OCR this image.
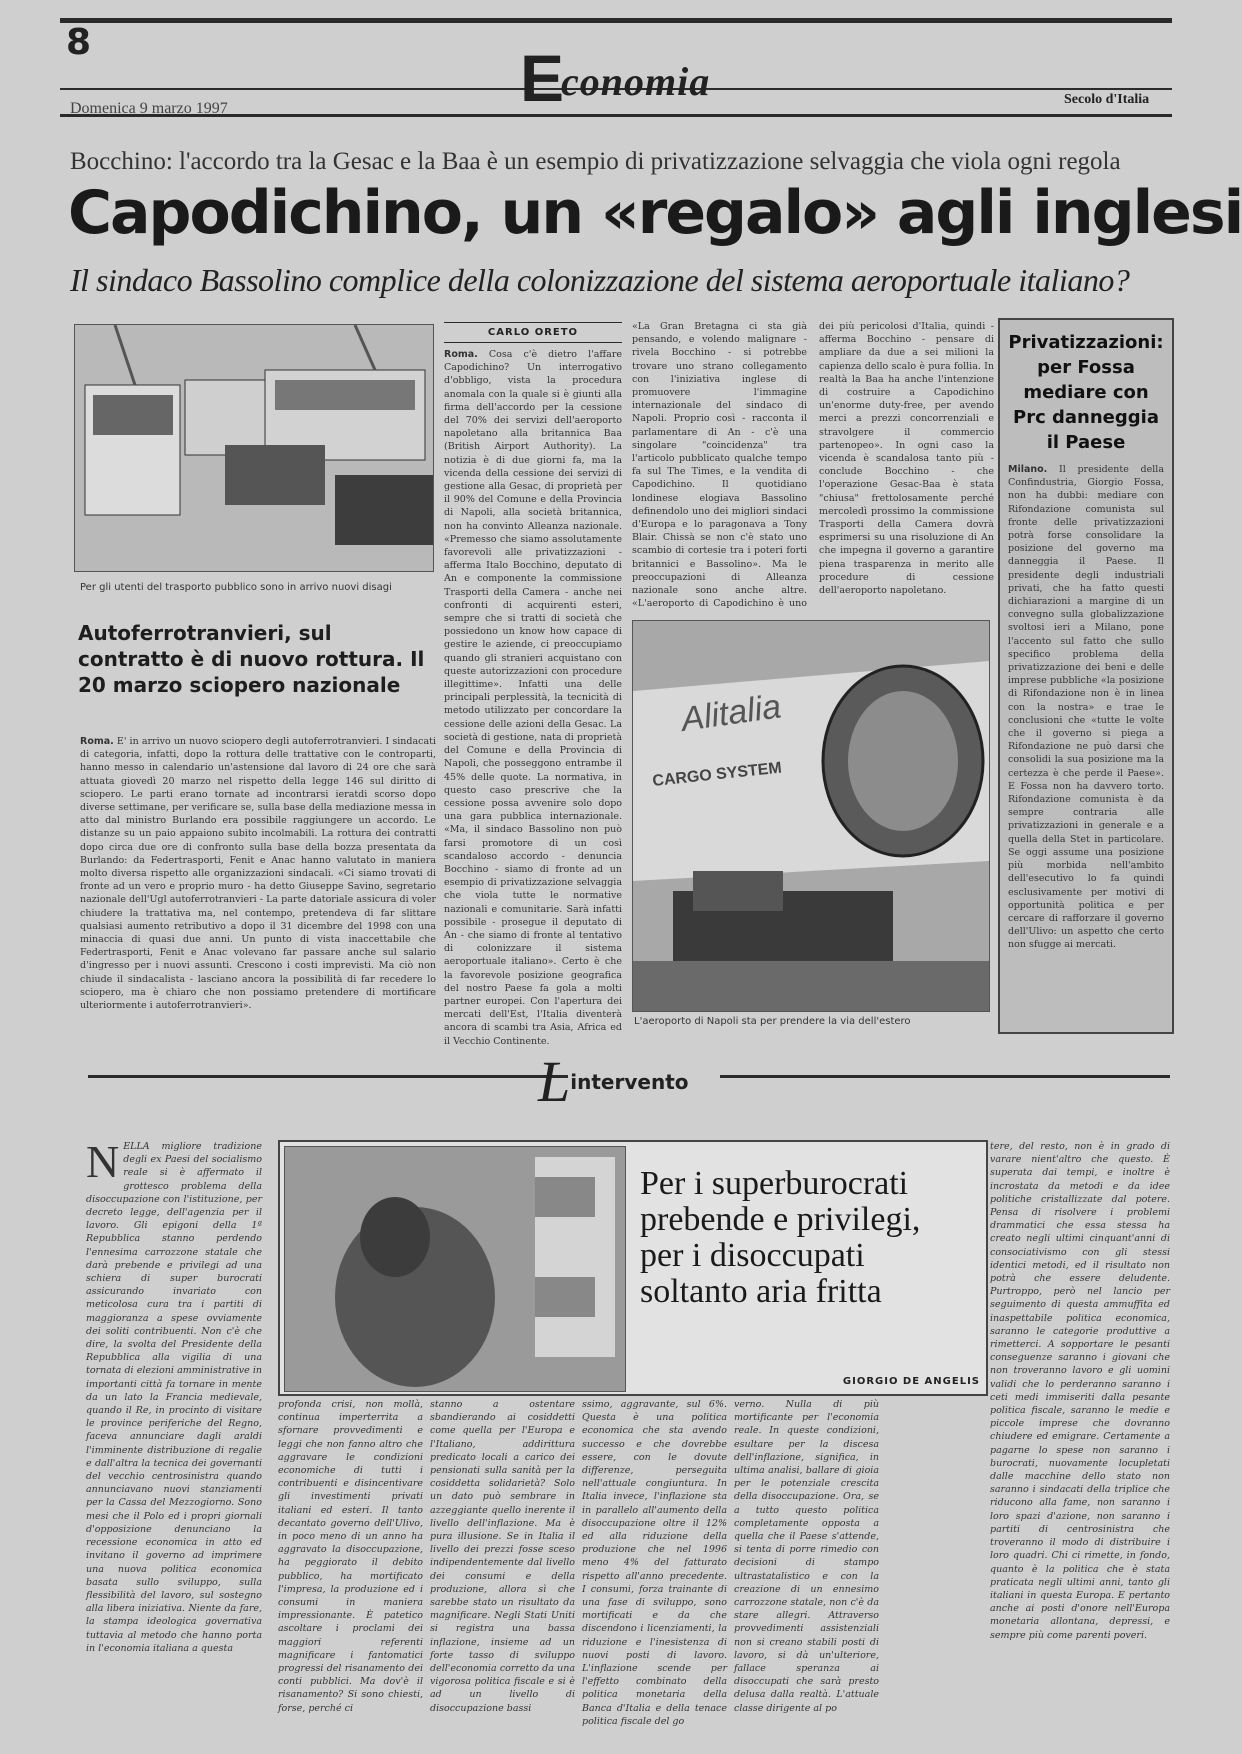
8	Economia
Domenica 9 marzo 1997
Secolo d'Italia
Bocchino: l'accordo tra la Gesac e la Baa è un esempio di privatizzazione selvaggia che viola ogni regola
Capodichino, un «regalo» agli inglesi
Il sindaco Bassolino complice della colonizzazione del sistema aeroportuale italiano?
Per gli utenti del trasporto pubblico sono in arrivo nuovi disagi
Autoferrotranvieri, sul contratto è di nuovo rottura. Il 20 marzo sciopero nazionale
Roma. E' in arrivo un nuovo sciopero degli autoferrotranvieri. I sindacati di categoria, infatti, dopo la rottura delle trattative con le controparti, hanno messo in calendario un'astensione dal lavoro di 24 ore che sarà attuata giovedì 20 marzo nel rispetto della legge 146 sul diritto di sciopero. Le parti erano tornate ad incontrarsi ieratdi scorso dopo diverse settimane, per verificare se, sulla base della mediazione messa in atto dal ministro Burlando era possibile raggiungere un accordo. Le distanze su un paio appaiono subito incolmabili. La rottura dei contratti dopo circa due ore di confronto sulla base della bozza presentata da Burlando: da Federtrasporti, Fenit e Anac hanno valutato in maniera molto diversa rispetto alle organizzazioni sindacali. «Ci siamo trovati di fronte ad un vero e proprio muro - ha detto Giuseppe Savino, segretario nazionale dell'Ugl autoferrotranvieri - La parte datoriale assicura di voler chiudere la trattativa ma, nel contempo, pretendeva di far slittare qualsiasi aumento retributivo a dopo il 31 dicembre del 1998 con una minaccia di quasi due anni. Un punto di vista inaccettabile che Federtrasporti, Fenit e Anac volevano far passare anche sul salario d'ingresso per i nuovi assunti. Crescono i costi imprevisti. Ma ciò non chiude il sindacalista - lasciano ancora la possibilità di far recedere lo sciopero, ma è chiaro che non possiamo pretendere di mortificare ulteriormente i autoferrotranvieri».
CARLO ORETO
Roma. Cosa c'è dietro l'affare Capodichino? Un interrogativo d'obbligo, vista la procedura anomala con la quale si è giunti alla firma dell'accordo per la cessione del 70% dei servizi dell'aeroporto napoletano alla britannica Baa (British Airport Authority). La notizia è di due giorni fa, ma la vicenda della cessione dei servizi di gestione alla Gesac, di proprietà per il 90% del Comune e della Provincia di Napoli, alla società britannica, non ha convinto Alleanza nazionale. «Premesso che siamo assolutamente favorevoli alle privatizzazioni - afferma Italo Bocchino, deputato di An e componente la commissione Trasporti della Camera - anche nei confronti di acquirenti esteri, sempre che si tratti di società che possiedono un know how capace di gestire le aziende, ci preoccupiamo quando gli stranieri acquistano con queste autorizzazioni con procedure illegittime». Infatti una delle principali perplessità, la tecnicità di metodo utilizzato per concordare la cessione delle azioni della Gesac. La società di gestione, nata di proprietà del Comune e della Provincia di Napoli, che posseggono entrambe il 45% delle quote. La normativa, in questo caso prescrive che la cessione possa avvenire solo dopo una gara pubblica internazionale. «Ma, il sindaco Bassolino non può farsi promotore di un così scandaloso accordo - denuncia Bocchino - siamo di fronte ad un esempio di privatizzazione selvaggia che viola tutte le normative nazionali e comunitarie. Sarà infatti possibile - prosegue il deputato di An - che siamo di fronte al tentativo di colonizzare il sistema aeroportuale italiano». Certo è che la favorevole posizione geografica del nostro Paese fa gola a molti partner europei. Con l'apertura dei mercati dell'Est, l'Italia diventerà ancora di scambi tra Asia, Africa ed il Vecchio Continente.
«La Gran Bretagna ci sta già pensando, e volendo malignare - rivela Bocchino - si potrebbe trovare uno strano collegamento con l'iniziativa inglese di promuovere l'immagine internazionale del sindaco di Napoli. Proprio così - racconta il parlamentare di An - c'è una singolare "coincidenza" tra l'articolo pubblicato qualche tempo fa sul The Times, e la vendita di Capodichino. Il quotidiano londinese elogiava Bassolino definendolo uno dei migliori sindaci d'Europa e lo paragonava a Tony Blair. Chissà se non c'è stato uno scambio di cortesie tra i poteri forti britannici e Bassolino». Ma le preoccupazioni di Alleanza nazionale sono anche altre. «L'aeroporto di Capodichino è uno dei più pericolosi d'Italia, quindi - afferma Bocchino - pensare di ampliare da due a sei milioni la capienza dello scalo è pura follia. In realtà la Baa ha anche l'intenzione di costruire a Capodichino un'enorme duty-free, per avendo merci a prezzi concorrenziali e stravolgere il commercio partenopeo». In ogni caso la vicenda è scandalosa tanto più - conclude Bocchino - che l'operazione Gesac-Baa è stata "chiusa" frettolosamente perché mercoledì prossimo la commissione Trasporti della Camera dovrà esprimersi su una risoluzione di An che impegna il governo a garantire piena trasparenza in merito alle procedure di cessione dell'aeroporto napoletano.
Alitalia
CARGO SYSTEM
L'aeroporto di Napoli sta per prendere la via dell'estero
Privatizzazioni: per Fossa mediare con Prc danneggia il Paese
Milano. Il presidente della Confindustria, Giorgio Fossa, non ha dubbi: mediare con Rifondazione comunista sul fronte delle privatizzazioni potrà forse consolidare la posizione del governo ma danneggia il Paese. Il presidente degli industriali privati, che ha fatto questi dichiarazioni a margine di un convegno sulla globalizzazione svoltosi ieri a Milano, pone l'accento sul fatto che sullo specifico problema della privatizzazione dei beni e delle imprese pubbliche «la posizione di Rifondazione non è in linea con la nostra» e trae le conclusioni che «tutte le volte che il governo si piega a Rifondazione ne può darsi che consolidi la sua posizione ma la certezza è che perde il Paese». E Fossa non ha davvero torto. Rifondazione comunista è da sempre contraria alle privatizzazioni in generale e a quella della Stet in particolare. Se oggi assume una posizione più morbida nell'ambito dell'esecutivo lo fa quindi esclusivamente per motivi di opportunità politica e per cercare di rafforzare il governo dell'Ulivo: un aspetto che certo non sfugge ai mercati.
Lintervento
NELLA migliore tradizione degli ex Paesi del socialismo reale si è affermato il grottesco problema della disoccupazione con l'istituzione, per decreto legge, dell'agenzia per il lavoro. Gli epigoni della 1ª Repubblica stanno perdendo l'ennesima carrozzone statale che darà prebende e privilegi ad una schiera di super burocrati assicurando invariato con meticolosa cura tra i partiti di maggioranza a spese ovviamente dei soliti contribuenti. Non c'è che dire, la svolta del Presidente della Repubblica alla vigilia di una tornata di elezioni amministrative in importanti città fa tornare in mente da un lato la Francia medievale, quando il Re, in procinto di visitare le province periferiche del Regno, faceva annunciare dagli araldi l'imminente distribuzione di regalie e dall'altra la tecnica dei governanti del vecchio centrosinistra quando annunciavano nuovi stanziamenti per la Cassa del Mezzogiorno. Sono mesi che il Polo ed i propri giornali d'opposizione denunciano la recessione economica in atto ed invitano il governo ad imprimere una nuova politica economica basata sullo sviluppo, sulla flessibilità del lavoro, sul sostegno alla libera iniziativa. Niente da fare, la stampa ideologica governativa tuttavia al metodo che hanno porta in l'economia italiana a questa
Per i superburocrati prebende e privilegi, per i disoccupati soltanto aria fritta
GIORGIO DE ANGELIS
profonda crisi, non mollà, continua imperterrita a sfornare provvedimenti e leggi che non fanno altro che aggravare le condizioni economiche di tutti i contribuenti e disincentivare gli investimenti privati italiani ed esteri. Il tanto decantato governo dell'Ulivo, in poco meno di un anno ha aggravato la disoccupazione, ha peggiorato il debito pubblico, ha mortificato l'impresa, la produzione ed i consumi in maniera impressionante. È patetico ascoltare i proclami dei maggiori referenti magnificare i fantomatici progressi del risanamento dei conti pubblici. Ma dov'è il risanamento? Si sono chiesti, forse, perché ci
stanno a ostentare sbandierando ai cosiddetti come quella per l'Europa e l'Italiano, addirittura predicato locali a carico dei pensionati sulla sanità per la cosiddetta solidarietà? Solo un dato può sembrare in azzeggiante quello inerente il livello dell'inflazione. Ma è pura illusione. Se in Italia il livello dei prezzi fosse sceso indipendentemente dal livello dei consumi e della produzione, allora sì che sarebbe stato un risultato da magnificare. Negli Stati Uniti si registra una bassa inflazione, insieme ad un forte tasso di sviluppo dell'economia corretto da una vigorosa politica fiscale e si è ad un livello di disoccupazione bassi
ssimo, aggravante, sul 6%. Questa è una politica economica che sta avendo successo e che dovrebbe essere, con le dovute differenze, perseguita nell'attuale congiuntura. In Italia invece, l'inflazione sta in parallelo all'aumento della disoccupazione oltre il 12% ed alla riduzione della produzione che nel 1996 meno 4% del fatturato rispetto all'anno precedente. I consumi, forza trainante di una fase di sviluppo, sono mortificati e da che discendono i licenziamenti, la riduzione e l'inesistenza di nuovi posti di lavoro. L'inflazione scende per l'effetto combinato della politica monetaria della Banca d'Italia e della tenace politica fiscale del go
verno. Nulla di più mortificante per l'economia reale. In queste condizioni, esultare per la discesa dell'inflazione, significa, in ultima analisi, ballare di gioia per le potenziale crescita della disoccupazione. Ora, se a tutto questo politica completamente opposta a quella che il Paese s'attende, si tenta di porre rimedio con decisioni di stampo ultrastatalistico e con la creazione di un ennesimo carrozzone statale, non c'è da stare allegri. Attraverso provvedimenti assistenziali non si creano stabili posti di lavoro, si dà un'ulteriore, fallace speranza ai disoccupati che sarà presto delusa dalla realtà. L'attuale classe dirigente al po
tere, del resto, non è in grado di varare nient'altro che questo. È superata dai tempi, e inoltre è incrostata da metodi e da idee politiche cristallizzate dal potere. Pensa di risolvere i problemi drammatici che essa stessa ha creato negli ultimi cinquant'anni di consociativismo con gli stessi identici metodi, ed il risultato non potrà che essere deludente. Purtroppo, però nel lancio per seguimento di questa ammuffita ed inaspettabile politica economica, saranno le categorie produttive a rimetterci. A sopportare le pesanti conseguenze saranno i giovani che non troveranno lavoro e gli uomini validi che lo perderanno saranno i ceti medi immiseriti dalla pesante politica fiscale, saranno le medie e piccole imprese che dovranno chiudere ed emigrare. Certamente a pagarne lo spese non saranno i burocrati, nuovamente locupletati dalle macchine dello stato non saranno i sindacati della triplice che riducono alla fame, non saranno i loro spazi d'azione, non saranno i partiti di centrosinistra che troveranno il modo di distribuire i loro quadri. Chi ci rimette, in fondo, quanto è la politica che è stata praticata negli ultimi anni, tanto gli italiani in questa Europa. E pertanto anche ai posti d'onore nell'Europa monetaria allontana, depressi, e sempre più come parenti poveri.
